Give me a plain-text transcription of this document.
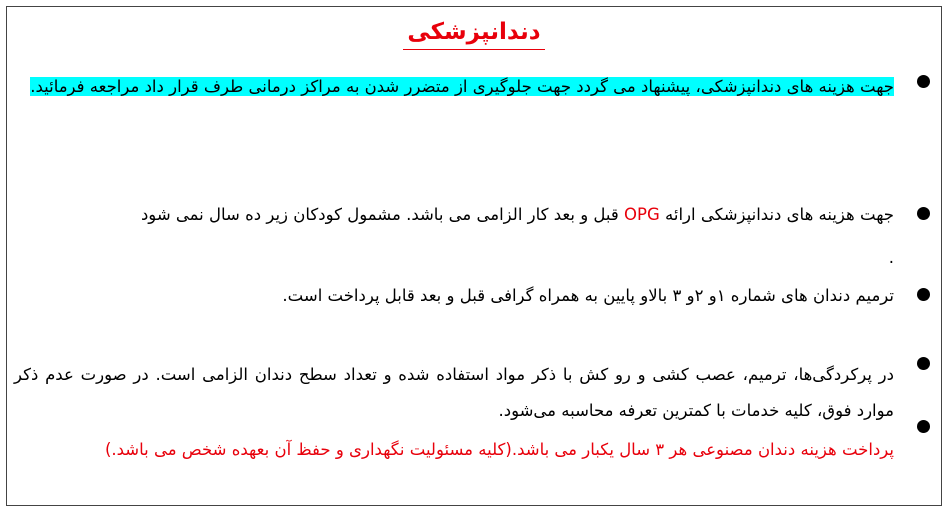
دندانپزشکی

جهت هزینه های دندانپزشکی، پیشنهاد می گردد جهت جلوگیری از متضرر شدن به مراکز درمانی طرف قرار داد مراجعه فرمائید.

جهت هزینه های دندانپزشکی ارائه OPG قبل و بعد کار الزامی می باشد. مشمول کودکان زیر ده سال نمی شود

.

ترمیم دندان های شماره ۱و ۲و ۳ بالاو پایین به همراه گرافی قبل و بعد قابل پرداخت است.

در پرکردگی‌ها، ترمیم، عصب کشی و رو کش با ذکر مواد استفاده شده و تعداد سطح دندان الزامی است. در صورت عدم ذکر موارد فوق، کلیه خدمات با کمترین تعرفه محاسبه می‌شود.

پرداخت هزینه دندان مصنوعی هر ۳ سال یکبار می باشد.(کلیه مسئولیت نگهداری و حفظ آن بعهده شخص می باشد.)
